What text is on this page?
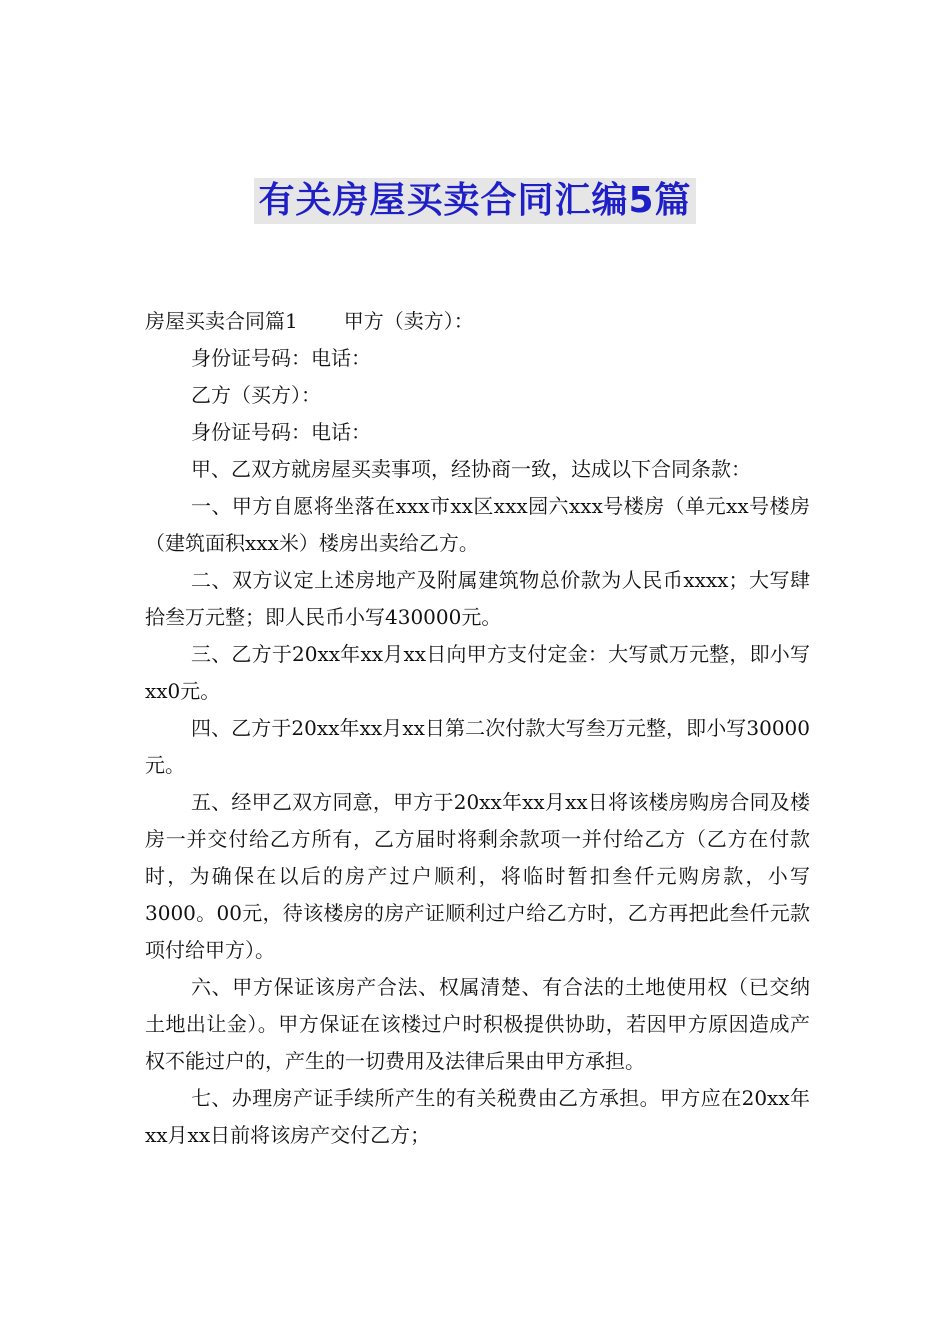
有关房屋买卖合同汇编5篇

房屋买卖合同篇1 甲方（卖方）：

身份证号码：电话：

乙方（买方）：

身份证号码：电话：

甲、乙双方就房屋买卖事项，经协商一致，达成以下合同条款：

一、甲方自愿将坐落在xxx市xx区xxx园六xxx号楼房（单元xx号楼房（建筑面积xxx米）楼房出卖给乙方。

二、双方议定上述房地产及附属建筑物总价款为人民币xxxx；大写肆拾叁万元整；即人民币小写430000元。

三、乙方于20xx年xx月xx日向甲方支付定金：大写贰万元整，即小写xx0元。

四、乙方于20xx年xx月xx日第二次付款大写叁万元整，即小写30000元。

五、经甲乙双方同意，甲方于20xx年xx月xx日将该楼房购房合同及楼房一并交付给乙方所有，乙方届时将剩余款项一并付给乙方（乙方在付款时，为确保在以后的房产过户顺利，将临时暂扣叁仟元购房款，小写3000。00元，待该楼房的房产证顺利过户给乙方时，乙方再把此叁仟元款项付给甲方）。

六、甲方保证该房产合法、权属清楚、有合法的土地使用权（已交纳土地出让金）。甲方保证在该楼过户时积极提供协助，若因甲方原因造成产权不能过户的，产生的一切费用及法律后果由甲方承担。

七、办理房产证手续所产生的有关税费由乙方承担。甲方应在20xx年xx月xx日前将该房产交付乙方；
